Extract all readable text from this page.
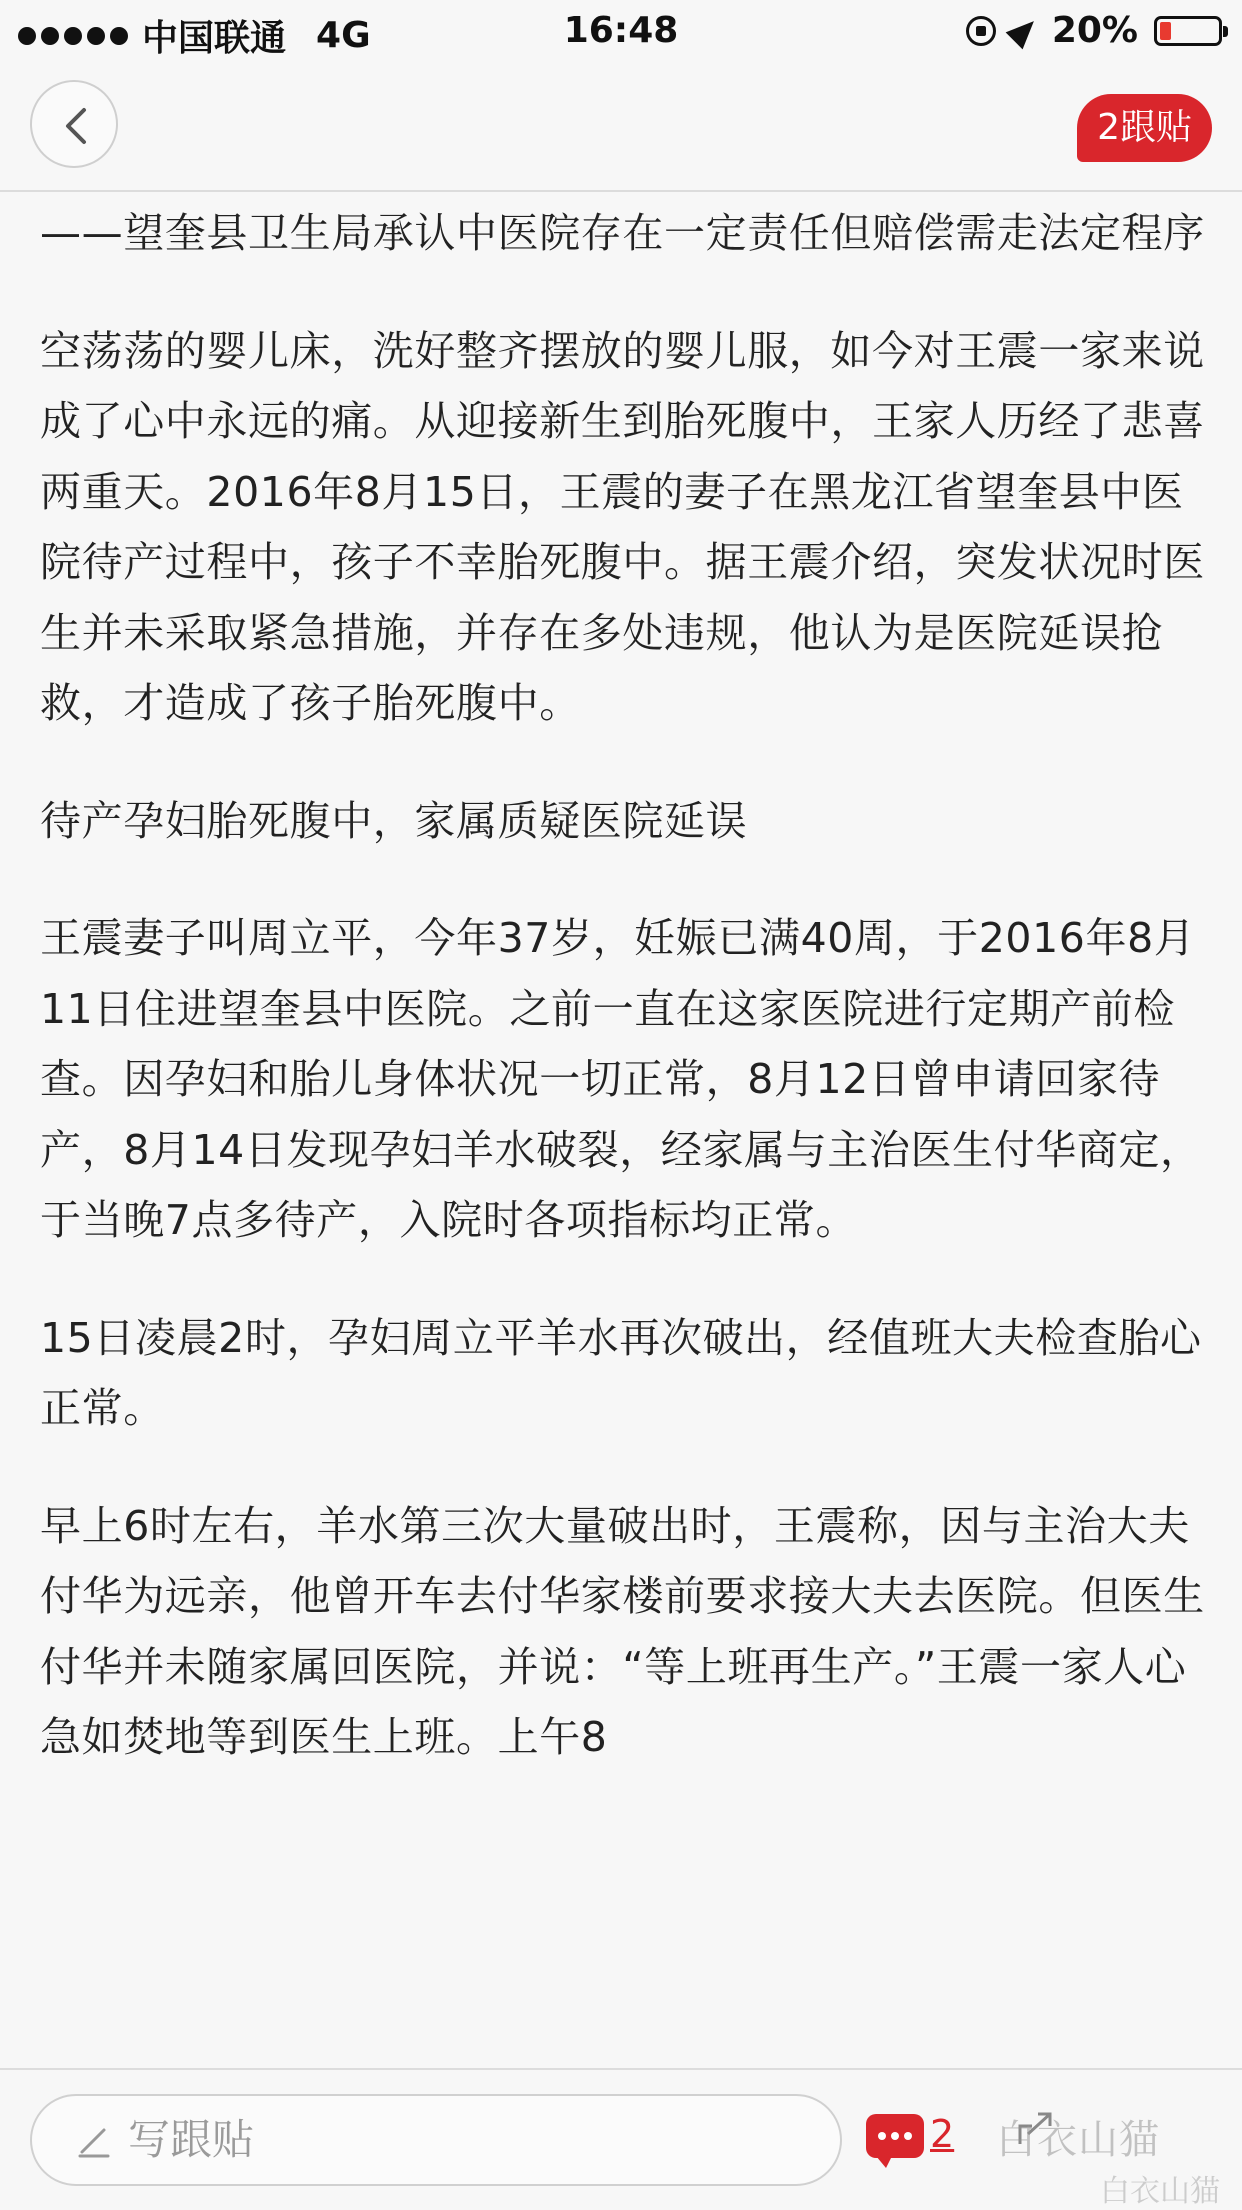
中国联通 4G	16:48	20%
2跟贴

——望奎县卫生局承认中医院存在一定责任但赔偿需走法定程序

空荡荡的婴儿床，洗好整齐摆放的婴儿服，如今对王震一家来说成了心中永远的痛。从迎接新生到胎死腹中，王家人历经了悲喜两重天。2016年8月15日，王震的妻子在黑龙江省望奎县中医院待产过程中，孩子不幸胎死腹中。据王震介绍，突发状况时医生并未采取紧急措施，并存在多处违规，他认为是医院延误抢救，才造成了孩子胎死腹中。

待产孕妇胎死腹中，家属质疑医院延误

王震妻子叫周立平，今年37岁，妊娠已满40周，于2016年8月11日住进望奎县中医院。之前一直在这家医院进行定期产前检查。因孕妇和胎儿身体状况一切正常，8月12日曾申请回家待产，8月14日发现孕妇羊水破裂，经家属与主治医生付华商定，于当晚7点多待产，入院时各项指标均正常。

15日凌晨2时，孕妇周立平羊水再次破出，经值班大夫检查胎心正常。

早上6时左右，羊水第三次大量破出时，王震称，因与主治大夫付华为远亲，他曾开车去付华家楼前要求接大夫去医院。但医生付华并未随家属回医院，并说：“等上班再生产。”王震一家人心急如焚地等到医生上班。上午8

写跟贴	2 白衣山猫
白衣山猫
